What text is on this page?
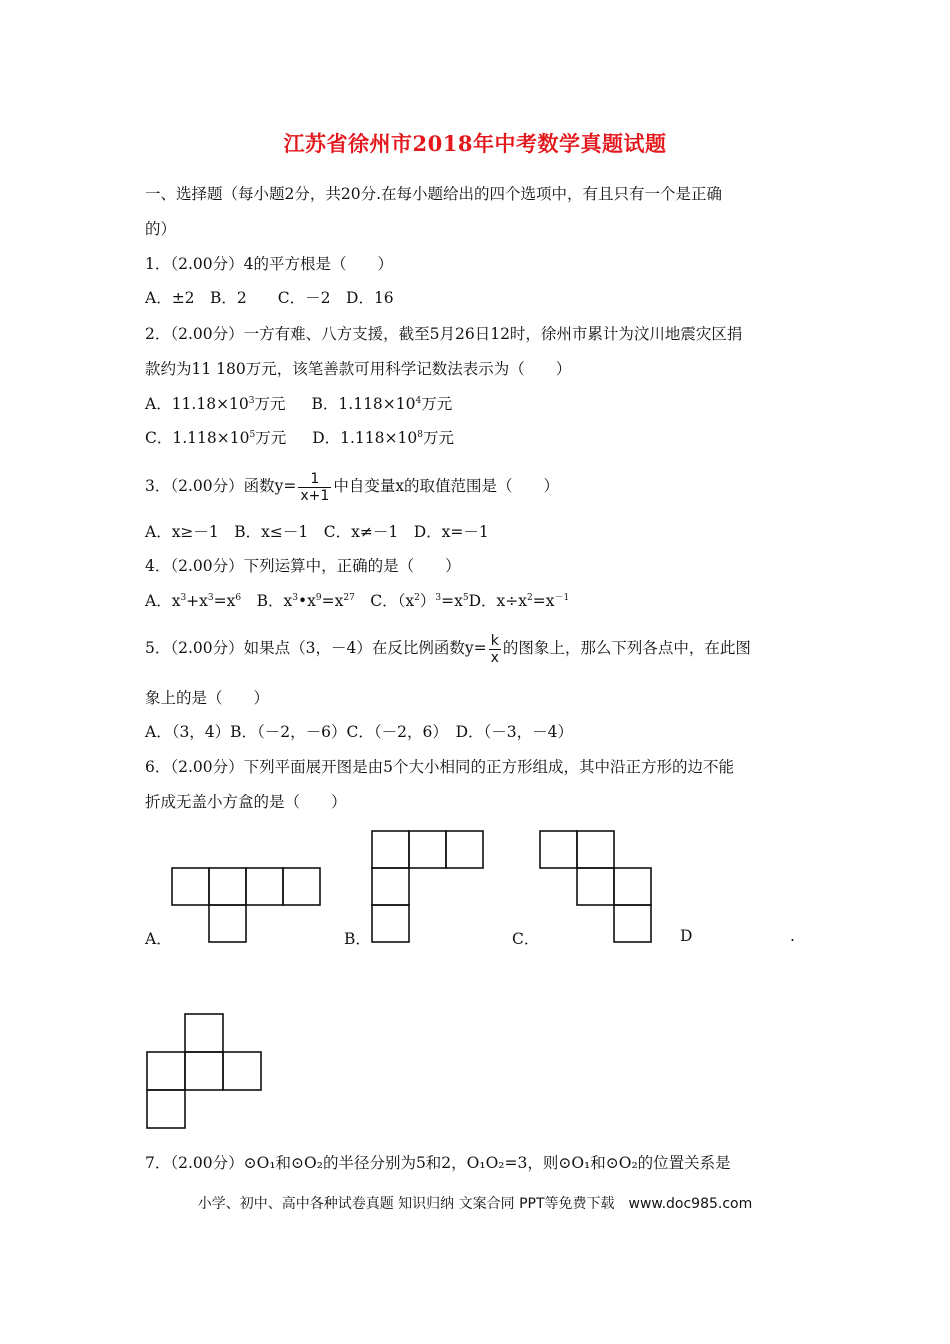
江苏省徐州市2018年中考数学真题试题
一、选择题（每小题2分，共20分.在每小题给出的四个选项中，有且只有一个是正确
的）
1．（2.00分）4的平方根是（　　）
A．±2　B．2　　C．－2　D．16
2．（2.00分）一方有难、八方支援，截至5月26日12时，徐州市累计为汶川地震灾区捐
款约为11 180万元，该笔善款可用科学记数法表示为（　　）
A．$11.18\times 10^3$万元 B．$1.118\times 10^4$万元
C．$1.118\times 10^5$万元 D．$1.118\times 10^8$万元
3．（2.00分）函数$y= \frac{1}{x+1}$ 中自变量x的取值范围是（　　）
A．x≥－1　B．x≤－1　C．x≠－1　D．x=－1
4．（2.00分）下列运算中，正确的是（　　）
A．$x^3+x^3=x^6$　B．$x^3•x^9=x^{27}$　C．$(x^2)^3=x^5D$．$x\div x^2=x^{-1}$
5．（2.00分）如果点（3，－4）在反比例函数$y= \frac{k}{x}$ 的图象上，那么下列各点中，在此图
象上的是（　　）
A．（3，4）B．（－2，－6）C．（－2，6）　D．（－3，－4）
6．（2.00分）下列平面展开图是由5个大小相同的正方形组成，其中沿正方形的边不能
折成无盖小方盒的是（　　）
A．	B．	C．	D	.
7．（2.00分）⊙O₁和⊙O₂的半径分别为5和2，O₁O₂=3，则⊙O₁和⊙O₂的位置关系是
小学、初中、高中各种试卷真题 知识归纳 文案合同 PPT等免费下载　www.doc985.com
